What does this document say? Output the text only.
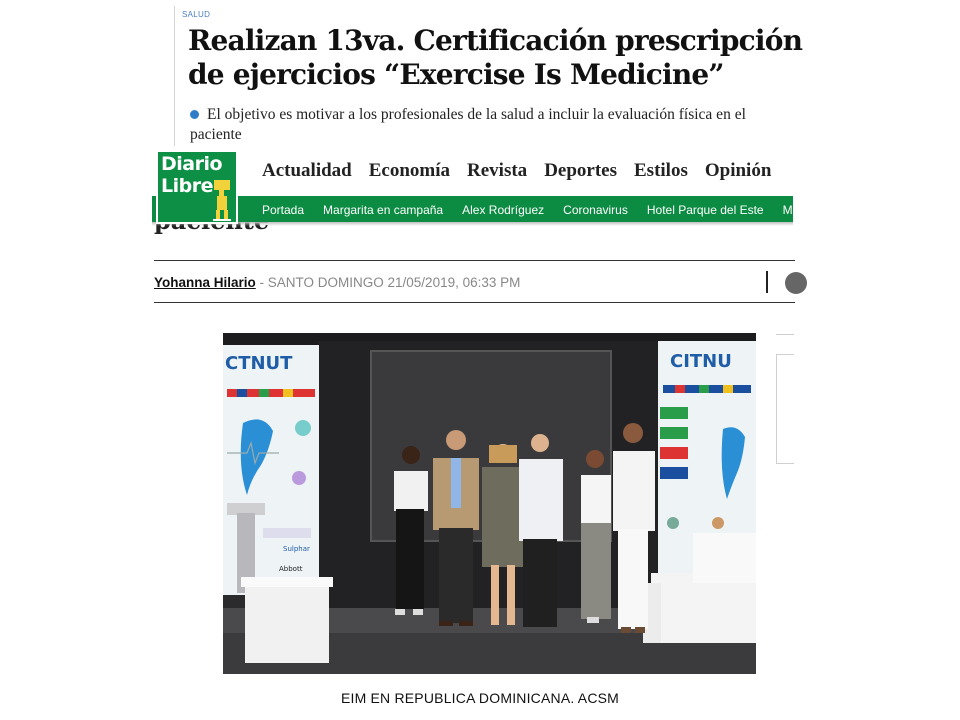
SALUD
Realizan 13va. Certificación prescripción
de ejercicios “Exercise Is Medicine”
El objetivo es motivar a los profesionales de la salud a incluir la evaluación física en el
paciente
Diario
Libre
Actualidad Economía Revista Deportes Estilos Opinión
Portada Margarita en campaña Alex Rodríguez Coronavirus Hotel Parque del Este Más b
Yohanna Hilario - SANTO DOMINGO 21/05/2019, 06:33 PM
CTNUT
Sulphar
Abbott
CITNU
EIM EN REPUBLICA DOMINICANA. ACSM
